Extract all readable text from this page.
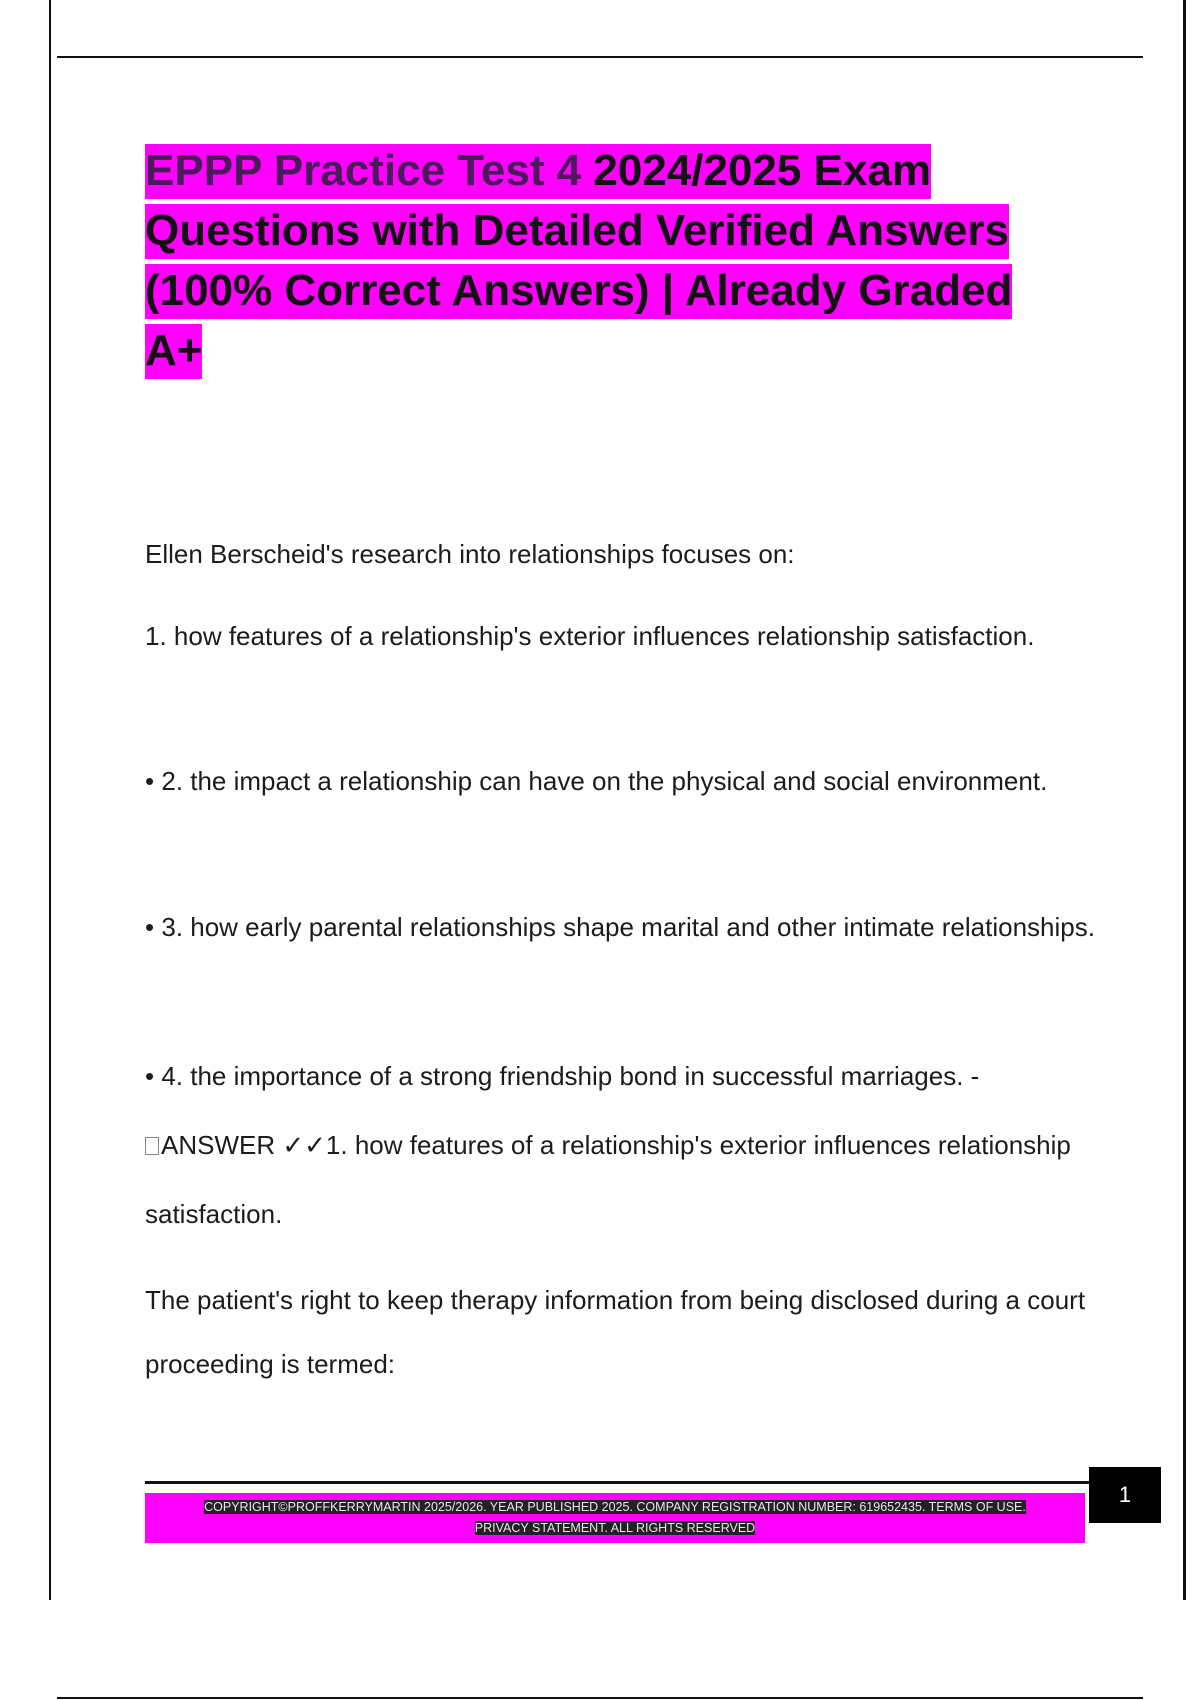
EPPP Practice Test 4 2024/2025 Exam Questions with Detailed Verified Answers (100% Correct Answers) | Already Graded A+

Ellen Berscheid's research into relationships focuses on:

1. how features of a relationship's exterior influences relationship satisfaction.

• 2. the impact a relationship can have on the physical and social environment.

• 3. how early parental relationships shape marital and other intimate relationships.

• 4. the importance of a strong friendship bond in successful marriages. -
ANSWER ✓✓1. how features of a relationship's exterior influences relationship satisfaction.

The patient's right to keep therapy information from being disclosed during a court proceeding is termed:

COPYRIGHT©PROFFKERRYMARTIN 2025/2026. YEAR PUBLISHED 2025. COMPANY REGISTRATION NUMBER: 619652435. TERMS OF USE.
PRIVACY STATEMENT. ALL RIGHTS RESERVED
1
